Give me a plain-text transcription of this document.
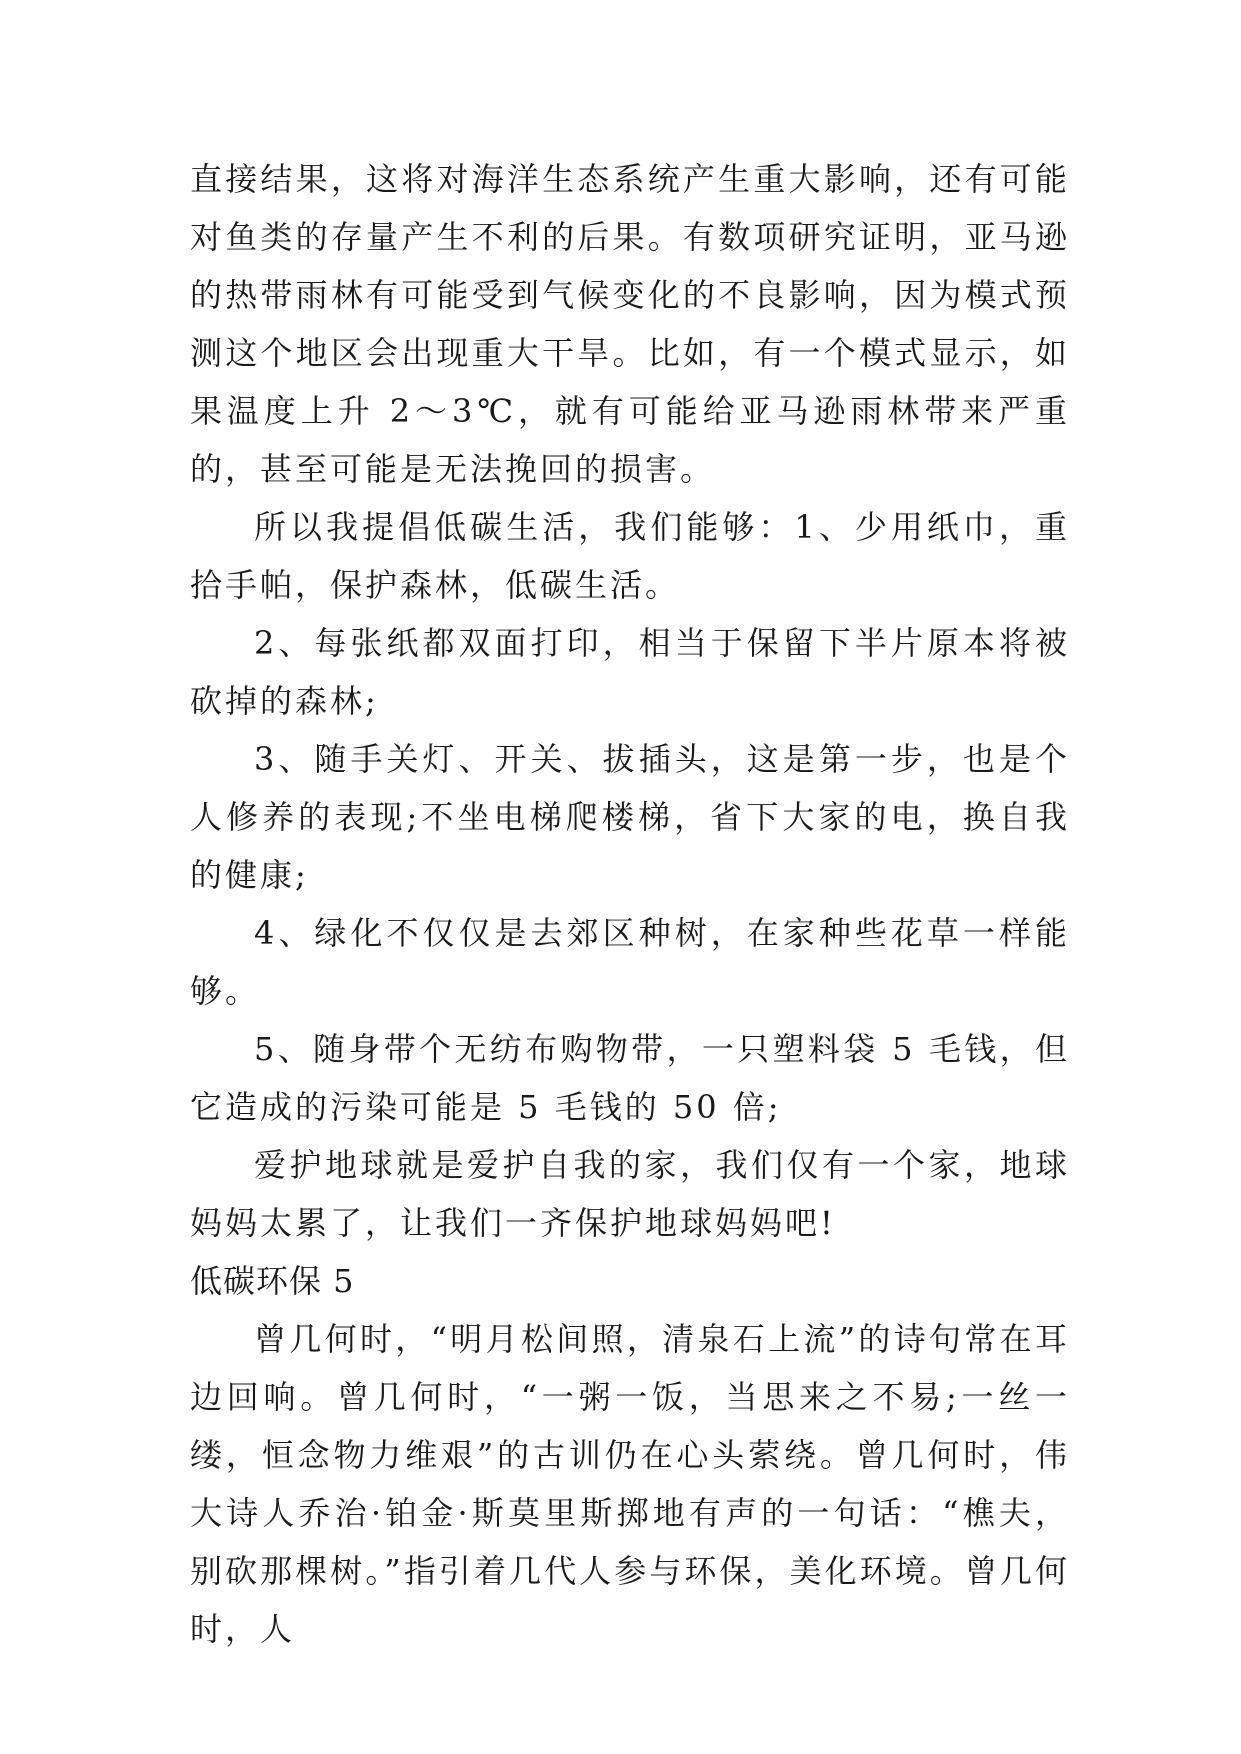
直接结果，这将对海洋生态系统产生重大影响，还有可能对鱼类的存量产生不利的后果。有数项研究证明，亚马逊的热带雨林有可能受到气候变化的不良影响，因为模式预测这个地区会出现重大干旱。比如，有一个模式显示，如果温度上升 2～3℃，就有可能给亚马逊雨林带来严重的，甚至可能是无法挽回的损害。

所以我提倡低碳生活，我们能够：1、少用纸巾，重拾手帕，保护森林，低碳生活。

2、每张纸都双面打印，相当于保留下半片原本将被砍掉的森林;

3、随手关灯、开关、拔插头，这是第一步，也是个人修养的表现;不坐电梯爬楼梯，省下大家的电，换自我的健康;

4、绿化不仅仅是去郊区种树，在家种些花草一样能够。

5、随身带个无纺布购物带，一只塑料袋 5 毛钱，但它造成的污染可能是 5 毛钱的 50 倍;

爱护地球就是爱护自我的家，我们仅有一个家，地球妈妈太累了，让我们一齐保护地球妈妈吧!

低碳环保 5

曾几何时，“明月松间照，清泉石上流”的诗句常在耳边回响。曾几何时，“一粥一饭，当思来之不易;一丝一缕，恒念物力维艰”的古训仍在心头萦绕。曾几何时，伟大诗人乔治·铂金·斯莫里斯掷地有声的一句话：“樵夫，别砍那棵树。”指引着几代人参与环保，美化环境。曾几何时，人
